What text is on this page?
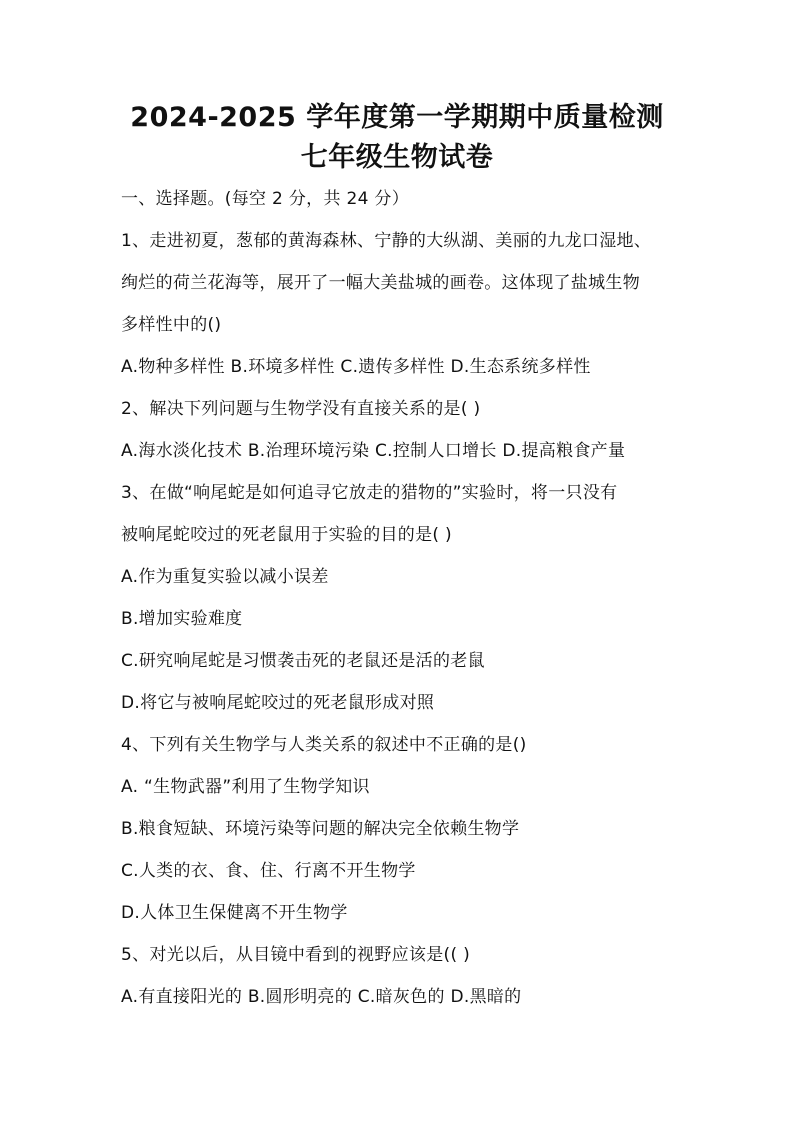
2024-2025 学年度第一学期期中质量检测
七年级生物试卷
一、选择题。(每空 2 分，共 24 分）
1、走进初夏，葱郁的黄海森林、宁静的大纵湖、美丽的九龙口湿地、
绚烂的荷兰花海等，展开了一幅大美盐城的画卷。这体现了盐城生物
多样性中的()
A.物种多样性 B.环境多样性 C.遗传多样性 D.生态系统多样性
2、解决下列问题与生物学没有直接关系的是( )
A.海水淡化技术 B.治理环境污染 C.控制人口增长 D.提高粮食产量
3、在做“响尾蛇是如何追寻它放走的猎物的”实验时，将一只没有
被响尾蛇咬过的死老鼠用于实验的目的是( )
A.作为重复实验以减小误差
B.增加实验难度
C.研究响尾蛇是习惯袭击死的老鼠还是活的老鼠
D.将它与被响尾蛇咬过的死老鼠形成对照
4、下列有关生物学与人类关系的叙述中不正确的是()
A. “生物武器”利用了生物学知识
B.粮食短缺、环境污染等问题的解决完全依赖生物学
C.人类的衣、食、住、行离不开生物学
D.人体卫生保健离不开生物学
5、对光以后，从目镜中看到的视野应该是(( )
A.有直接阳光的 B.圆形明亮的 C.暗灰色的 D.黑暗的
